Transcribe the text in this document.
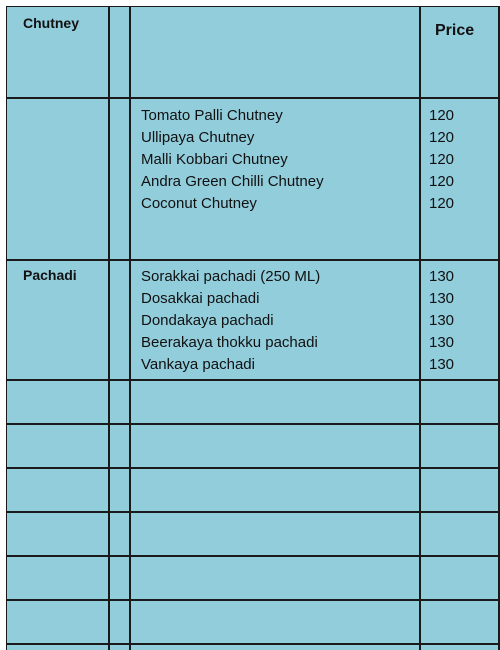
Chutney	Price
Tomato Palli Chutney
Ullipaya Chutney
Malli Kobbari Chutney
Andra Green Chilli Chutney
Coconut Chutney
120
120
120
120
120
Pachadi	Sorakkai pachadi (250 ML)
Dosakkai pachadi
Dondakaya pachadi
Beerakaya thokku pachadi
Vankaya pachadi
130
130
130
130
130
